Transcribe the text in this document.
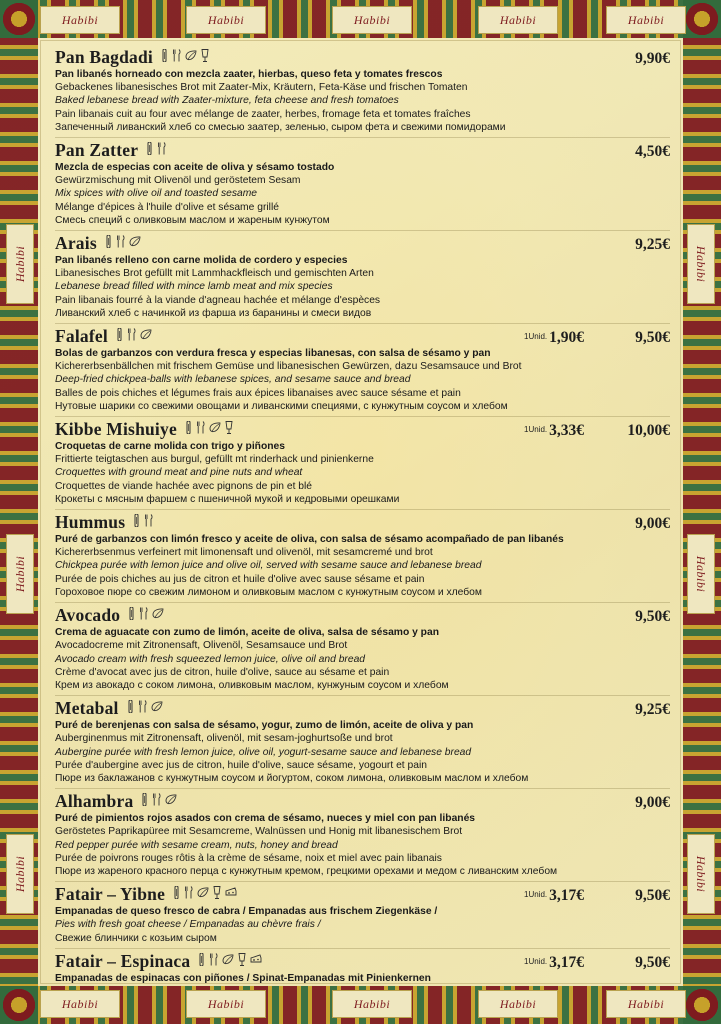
Habibi	Habibi	Habibi	Habibi	Habibi
Habibi	Habibi	Habibi	Habibi	Habibi
Habibi
Habibi
Habibi
Habibi
Habibi
Habibi
Pan Bagdadi	9,90€
Pan libanés horneado con mezcla zaater, hierbas, queso feta y tomates frescos
Gebackenes libanesisches Brot mit Zaater-Mix, Kräutern, Feta-Käse und frischen Tomaten
Baked lebanese bread with Zaater-mixture, feta cheese and fresh tomatoes
Pain libanais cuit au four avec mélange de zaater, herbes, fromage feta et tomates fraîches
Запеченный ливанский хлеб со смесью заатер, зеленью, сыром фета и свежими помидорами
Pan Zatter	4,50€
Mezcla de especias con aceite de oliva y sésamo tostado
Gewürzmischung mit Olivenöl und geröstetem Sesam
Mix spices with olive oil and toasted sesame
Mélange d'épices à l'huile d'olive et sésame grillé
Смесь специй с оливковым маслом и жареным кунжутом
Arais	9,25€
Pan libanés relleno con carne molida de cordero y especies
Libanesisches Brot gefüllt mit Lammhackfleisch und gemischten Arten
Lebanese bread filled with mince lamb meat and mix species
Pain libanais fourré à la viande d'agneau hachée et mélange d'espèces
Ливанский хлеб с начинкой из фарша из баранины и смеси видов
Falafel	1Unid. 1,90€	9,50€
Bolas de garbanzos con verdura fresca y especias libanesas, con salsa de sésamo y pan
Kichererbsenbällchen mit frischem Gemüse und libanesischen Gewürzen, dazu Sesamsauce und Brot
Deep-fried chickpea-balls with lebanese spices, and sesame sauce and bread
Balles de pois chiches et légumes frais aux épices libanaises avec sauce sésame et pain
Нутовые шарики со свежими овощами и ливанскими специями, с кунжутным соусом и хлебом
Kibbe Mishuiye	1Unid. 3,33€	10,00€
Croquetas de carne molida con trigo y piñones
Frittierte teigtaschen aus burgul, gefüllt mt rinderhack und pinienkerne
Croquettes with ground meat and pine nuts and wheat
Croquettes de viande hachée avec pignons de pin et blé
Крокеты с мясным фаршем с пшеничной мукой и кедровыми орешками
Hummus	9,00€
Puré de garbanzos con limón fresco y aceite de oliva, con salsa de sésamo acompañado de pan libanés
Kichererbsenmus verfeinert mit limonensaft und olivenöl, mit sesamcremé und brot
Chickpea purée with lemon juice and olive oil, served with sesame sauce and lebanese bread
Purée de pois chiches au jus de citron et huile d'olive avec sause sésame et pain
Гороховое пюре со свежим лимоном и оливковым маслом с кунжутным соусом и хлебом
Avocado	9,50€
Crema de aguacate con zumo de limón, aceite de oliva, salsa de sésamo y pan
Avocadocreme mit Zitronensaft, Olivenöl, Sesamsauce und Brot
Avocado cream with fresh squeezed lemon juice, olive oil and bread
Crème d'avocat avec jus de citron, huile d'olive, sauce au sésame et pain
Крем из авокадо с соком лимона, оливковым маслом, кунжуным соусом и хлебом
Metabal	9,25€
Puré de berenjenas con salsa de sésamo, yogur, zumo de limón, aceite de oliva y pan
Auberginenmus mit Zitronensaft, olivenöl, mit sesam-joghurtsoße und brot
Aubergine purée with fresh lemon juice, olive oil, yogurt-sesame sauce and lebanese bread
Purée d'aubergine avec jus de citron, huile d'olive, sauce sésame, yogourt et pain
Пюре из баклажанов с кунжутным соусом и йогуртом, соком лимона, оливковым маслом и хлебом
Alhambra	9,00€
Puré de pimientos rojos asados con crema de sésamo, nueces y miel con pan libanés
Geröstetes Paprikapüree mit Sesamcreme, Walnüssen und Honig mit libanesischem Brot
Red pepper purée with sesame cream, nuts, honey and bread
Purée de poivrons rouges rôtis à la crème de sésame, noix et miel avec pain libanais
Пюре из жареного красного перца с кунжутным кремом, грецкими орехами и медом с ливанским хлебом
Fatair – Yibne	1Unid. 3,17€	9,50€
Empanadas de queso fresco de cabra / Empanadas aus frischem Ziegenkäse /
Pies with fresh goat cheese / Empanadas au chèvre frais /
Свежие блинчики с козьим сыром
Fatair – Espinaca	1Unid. 3,17€	9,50€
Empanadas de espinacas con piñones / Spinat-Empanadas mit Pinienkernen
